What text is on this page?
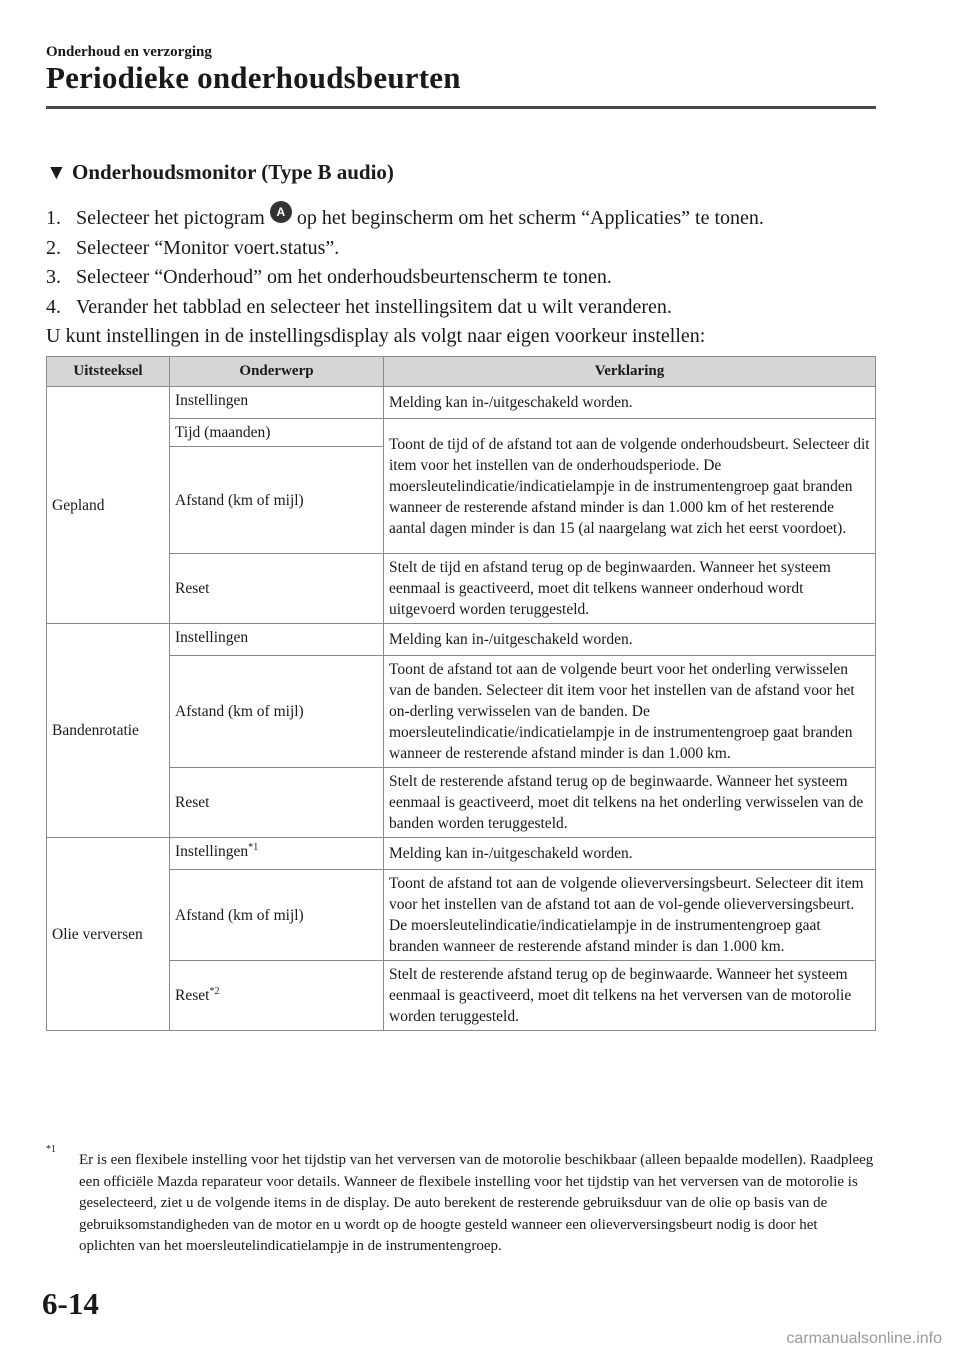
Onderhoud en verzorging
Periodieke onderhoudsbeurten
▼ Onderhoudsmonitor (Type B audio)
1. Selecteer het pictogram A op het beginscherm om het scherm “Applicaties” te tonen.
2. Selecteer “Monitor voert.status”.
3. Selecteer “Onderhoud” om het onderhoudsbeurtenscherm te tonen.
4. Verander het tabblad en selecteer het instellingsitem dat u wilt veranderen.
U kunt instellingen in de instellingsdisplay als volgt naar eigen voorkeur instellen:
Uitsteeksel	Onderwerp	Verklaring
Gepland	Instellingen	Melding kan in-/uitgeschakeld worden.
	Tijd (maanden)	Toont de tijd of de afstand tot aan de volgende onderhoudsbeurt. Selecteer dit item voor het instellen van de onderhoudsperiode. De moersleutelindicatie/indicatielampje in de instrumentengroep gaat branden wanneer de resterende afstand minder is dan 1.000 km of het resterende aantal dagen minder is dan 15 (al naargelang wat zich het eerst voordoet).
	Afstand (km of mijl)	
	Reset	Stelt de tijd en afstand terug op de beginwaarden. Wanneer het systeem eenmaal is geactiveerd, moet dit telkens wanneer onderhoud wordt uitgevoerd worden teruggesteld.
Bandenrotatie	Instellingen	Melding kan in-/uitgeschakeld worden.
	Afstand (km of mijl)	Toont de afstand tot aan de volgende beurt voor het onderling verwisselen van de banden. Selecteer dit item voor het instellen van de afstand voor het on-derling verwisselen van de banden. De moersleutelindicatie/indicatielampje in de instrumentengroep gaat branden wanneer de resterende afstand minder is dan 1.000 km.
	Reset	Stelt de resterende afstand terug op de beginwaarde. Wanneer het systeem eenmaal is geactiveerd, moet dit telkens na het onderling verwisselen van de banden worden teruggesteld.
Olie verversen	Instellingen$^{*1}$	Melding kan in-/uitgeschakeld worden.
	Afstand (km of mijl)	Toont de afstand tot aan de volgende olieverversingsbeurt. Selecteer dit item voor het instellen van de afstand tot aan de vol-gende olieverversingsbeurt. De moersleutelindicatie/indicatielampje in de instrumentengroep gaat branden wanneer de resterende afstand minder is dan 1.000 km.
	Reset$^{*2}$	Stelt de resterende afstand terug op de beginwaarde. Wanneer het systeem eenmaal is geactiveerd, moet dit telkens na het verversen van de motorolie worden teruggesteld.
*1
Er is een flexibele instelling voor het tijdstip van het verversen van de motorolie beschikbaar (alleen bepaalde modellen). Raadpleeg een officiële Mazda reparateur voor details. Wanneer de flexibele instelling voor het tijdstip van het verversen van de motorolie is geselecteerd, ziet u de volgende items in de display. De auto berekent de resterende gebruiksduur van de olie op basis van de gebruiksomstandigheden van de motor en u wordt op de hoogte gesteld wanneer een olieverversingsbeurt nodig is door het oplichten van het moersleutelindicatielampje in de instrumentengroep.
6-14
carmanualsonline.info
